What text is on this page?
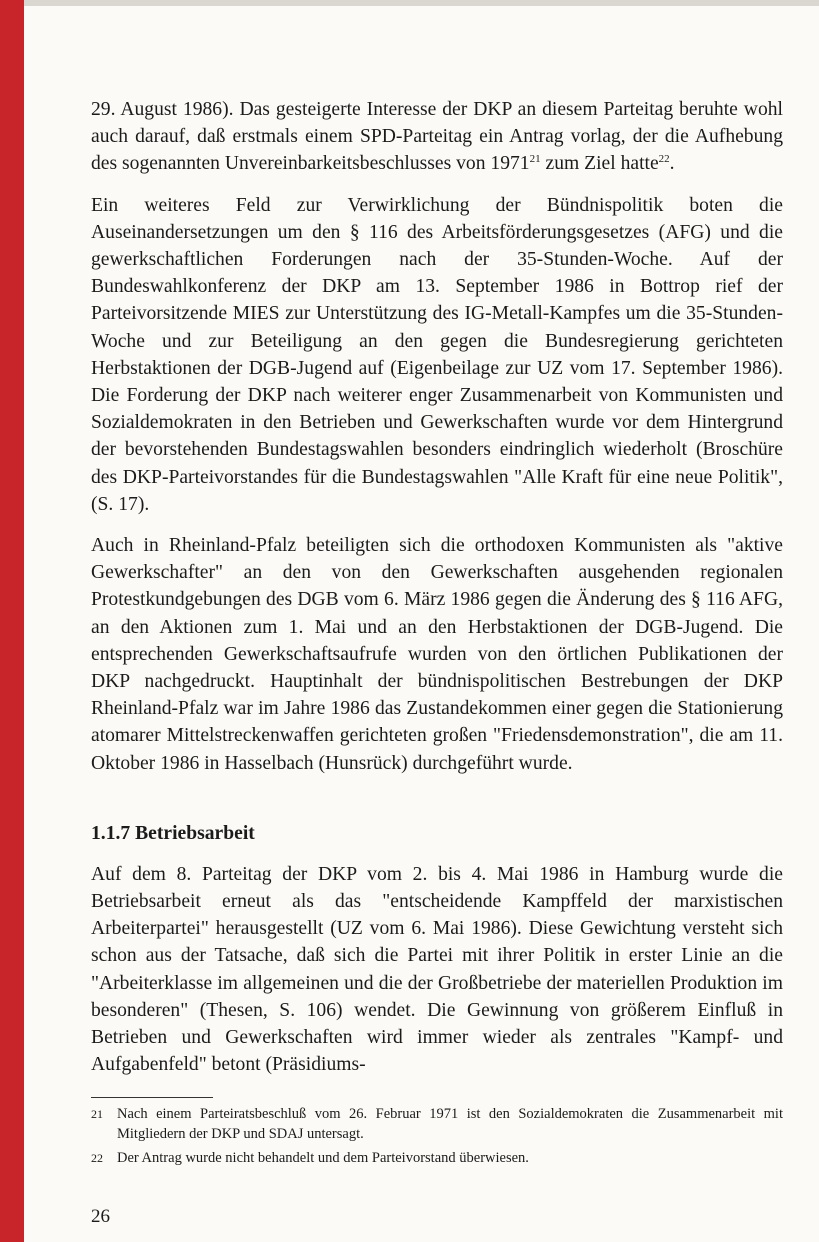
29. August 1986). Das gesteigerte Interesse der DKP an diesem Parteitag beruhte wohl auch darauf, daß erstmals einem SPD-Parteitag ein Antrag vorlag, der die Aufhebung des sogenannten Unvereinbarkeitsbeschlusses von 1971$^{21}$ zum Ziel hatte$^{22}$.

Ein weiteres Feld zur Verwirklichung der Bündnispolitik boten die Auseinandersetzungen um den § 116 des Arbeitsförderungsgesetzes (AFG) und die gewerkschaftlichen Forderungen nach der 35-Stunden-Woche. Auf der Bundeswahlkonferenz der DKP am 13. September 1986 in Bottrop rief der Parteivorsitzende MIES zur Unterstützung des IG-Metall-Kampfes um die 35-Stunden-Woche und zur Beteiligung an den gegen die Bundesregierung gerichteten Herbstaktionen der DGB-Jugend auf (Eigenbeilage zur UZ vom 17. September 1986). Die Forderung der DKP nach weiterer enger Zusammenarbeit von Kommunisten und Sozialdemokraten in den Betrieben und Gewerkschaften wurde vor dem Hintergrund der bevorstehenden Bundestagswahlen besonders eindringlich wiederholt (Broschüre des DKP-Parteivorstandes für die Bundestagswahlen "Alle Kraft für eine neue Politik", (S. 17).

Auch in Rheinland-Pfalz beteiligten sich die orthodoxen Kommunisten als "aktive Gewerkschafter" an den von den Gewerkschaften ausgehenden regionalen Protestkundgebungen des DGB vom 6. März 1986 gegen die Änderung des § 116 AFG, an den Aktionen zum 1. Mai und an den Herbstaktionen der DGB-Jugend. Die entsprechenden Gewerkschaftsaufrufe wurden von den örtlichen Publikationen der DKP nachgedruckt. Hauptinhalt der bündnispolitischen Bestrebungen der DKP Rheinland-Pfalz war im Jahre 1986 das Zustandekommen einer gegen die Stationierung atomarer Mittelstreckenwaffen gerichteten großen "Friedensdemonstration", die am 11. Oktober 1986 in Hasselbach (Hunsrück) durchgeführt wurde.

1.1.7 Betriebsarbeit

Auf dem 8. Parteitag der DKP vom 2. bis 4. Mai 1986 in Hamburg wurde die Betriebsarbeit erneut als das "entscheidende Kampffeld der marxistischen Arbeiterpartei" herausgestellt (UZ vom 6. Mai 1986). Diese Gewichtung versteht sich schon aus der Tatsache, daß sich die Partei mit ihrer Politik in erster Linie an die "Arbeiterklasse im allgemeinen und die der Großbetriebe der materiellen Produktion im besonderen" (Thesen, S. 106) wendet. Die Gewinnung von größerem Einfluß in Betrieben und Gewerkschaften wird immer wieder als zentrales "Kampf- und Aufgabenfeld" betont (Präsidiums-

21 Nach einem Parteiratsbeschluß vom 26. Februar 1971 ist den Sozialdemokraten die Zusammenarbeit mit Mitgliedern der DKP und SDAJ untersagt.
22 Der Antrag wurde nicht behandelt und dem Parteivorstand überwiesen.
26
